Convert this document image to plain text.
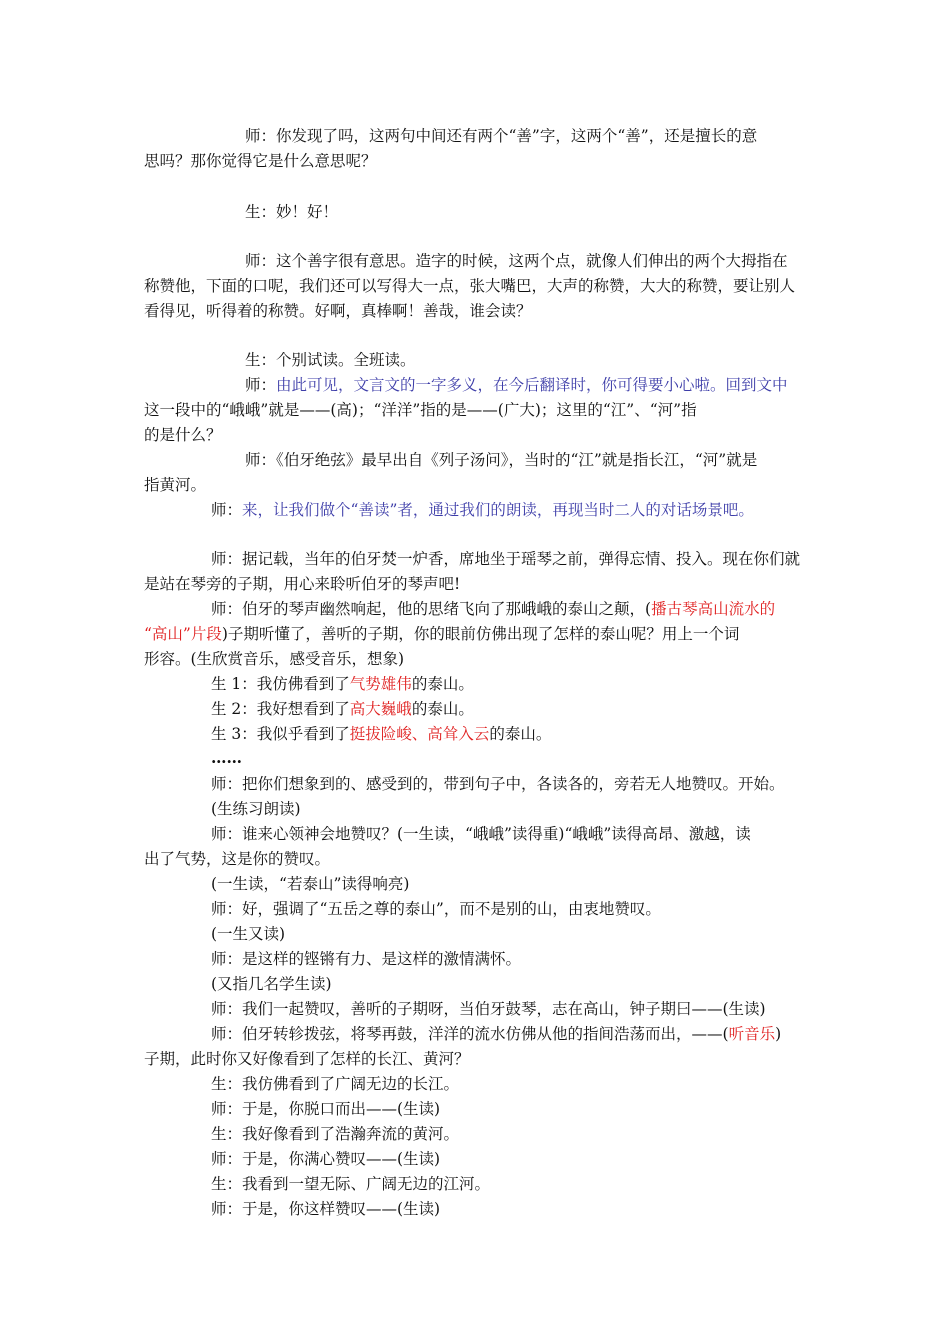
师：你发现了吗，这两句中间还有两个“善”字，这两个“善”，还是擅长的意
思吗？那你觉得它是什么意思呢？
生：妙！好！
师：这个善字很有意思。造字的时候，这两个点，就像人们伸出的两个大拇指在
称赞他，下面的口呢，我们还可以写得大一点，张大嘴巴，大声的称赞，大大的称赞，要让别人
看得见，听得着的称赞。好啊，真棒啊！善哉，谁会读？
生：个别试读。全班读。
师：由此可见，文言文的一字多义，在今后翻译时，你可得要小心啦。回到文中
这一段中的“峨峨”就是——(高)；“洋洋”指的是——(广大)；这里的“江”、“河”指
的是什么？
师：《伯牙绝弦》最早出自《列子汤问》，当时的“江”就是指长江，“河”就是
指黄河。
师：来，让我们做个“善读”者，通过我们的朗读，再现当时二人的对话场景吧。
师：据记载，当年的伯牙焚一炉香，席地坐于瑶琴之前，弹得忘情、投入。现在你们就
是站在琴旁的子期，用心来聆听伯牙的琴声吧!
师：伯牙的琴声幽然响起，他的思绪飞向了那峨峨的泰山之颠，(播古琴高山流水的
“高山”片段)子期听懂了，善听的子期，你的眼前仿佛出现了怎样的泰山呢？用上一个词
形容。(生欣赏音乐，感受音乐，想象)
生 1：我仿佛看到了气势雄伟的泰山。
生 2：我好想看到了高大巍峨的泰山。
生 3：我似乎看到了挺拔险峻、高耸入云的泰山。
……
师：把你们想象到的、感受到的，带到句子中，各读各的，旁若无人地赞叹。开始。
(生练习朗读)
师：谁来心领神会地赞叹？(一生读，“峨峨”读得重)“峨峨”读得高昂、激越，读
出了气势，这是你的赞叹。
(一生读，“若泰山”读得响亮)
师：好，强调了“五岳之尊的泰山”，而不是别的山，由衷地赞叹。
(一生又读)
师：是这样的铿锵有力、是这样的激情满怀。
(又指几名学生读)
师：我们一起赞叹，善听的子期呀，当伯牙鼓琴，志在高山，钟子期曰——(生读)
师：伯牙转轸拨弦，将琴再鼓，洋洋的流水仿佛从他的指间浩荡而出，——(听音乐)
子期，此时你又好像看到了怎样的长江、黄河？
生：我仿佛看到了广阔无边的长江。
师：于是，你脱口而出——(生读)
生：我好像看到了浩瀚奔流的黄河。
师：于是，你满心赞叹——(生读)
生：我看到一望无际、广阔无边的江河。
师：于是，你这样赞叹——(生读)
